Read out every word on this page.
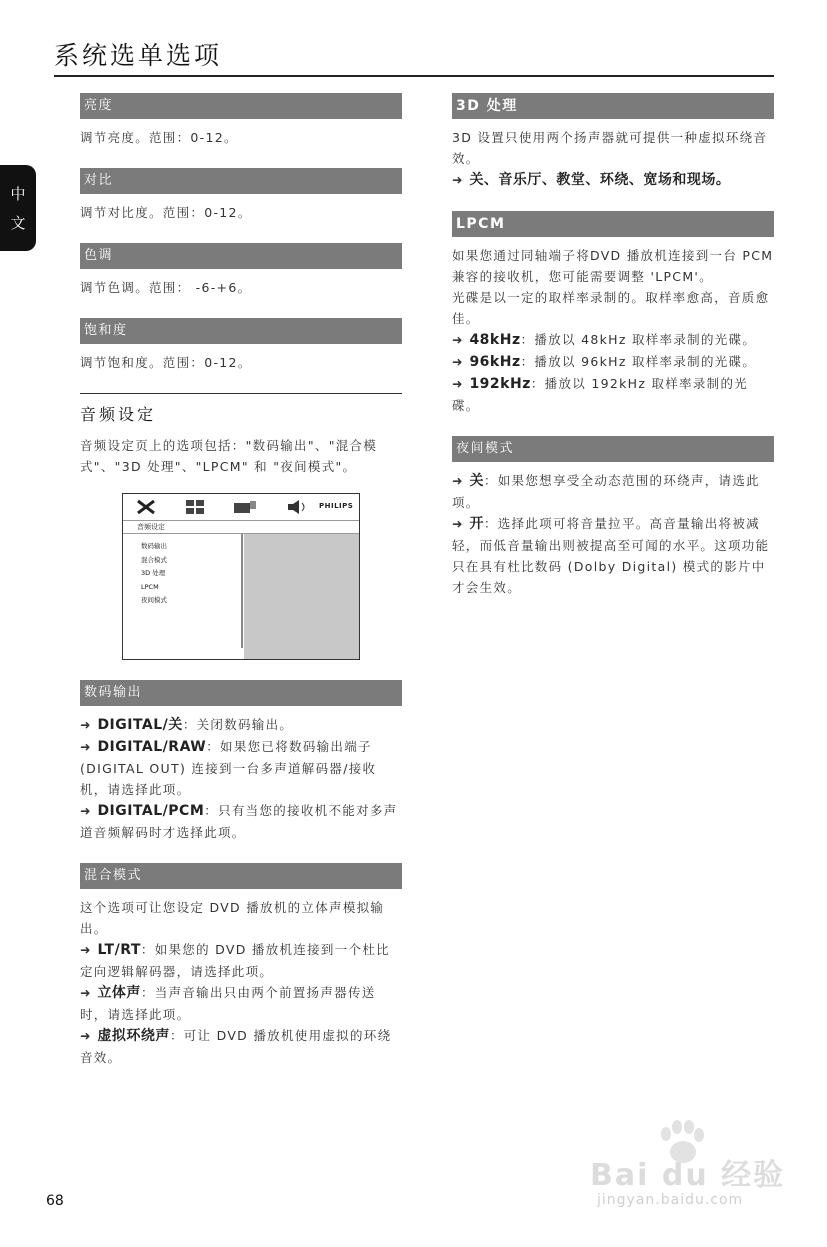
系统选单选项
中
文
亮度

调节亮度。范围：0-12。

对比

调节对比度。范围：0-12。

色调

调节色调。范围： -6-+6。

饱和度

调节饱和度。范围：0-12。

音频设定

音频设定页上的选项包括："数码输出"、"混合模式"、"3D 处理"、"LPCM" 和 "夜间模式"。

PHILIPS
音频设定
数码输出
混合模式
3D 处理
LPCM
夜间模式
数码输出

➜ DIGITAL/关：关闭数码输出。

➜ DIGITAL/RAW：如果您已将数码输出端子 (DIGITAL OUT) 连接到一台多声道解码器/接收机，请选择此项。

➜ DIGITAL/PCM：只有当您的接收机不能对多声道音频解码时才选择此项。

混合模式

这个选项可让您设定 DVD 播放机的立体声模拟输出。

➜ LT/RT：如果您的 DVD 播放机连接到一个杜比定向逻辑解码器，请选择此项。

➜ 立体声：当声音输出只由两个前置扬声器传送时，请选择此项。

➜ 虚拟环绕声：可让 DVD 播放机使用虚拟的环绕音效。

3D 处理

3D 设置只使用两个扬声器就可提供一种虚拟环绕音效。

➜ 关、音乐厅、教堂、环绕、宽场和现场。

LPCM

如果您通过同轴端子将DVD 播放机连接到一台 PCM 兼容的接收机，您可能需要调整 'LPCM'。

光碟是以一定的取样率录制的。取样率愈高，音质愈佳。

➜ 48kHz：播放以 48kHz 取样率录制的光碟。

➜ 96kHz：播放以 96kHz 取样率录制的光碟。

➜ 192kHz：播放以 192kHz 取样率录制的光碟。

夜间模式

➜ 关：如果您想享受全动态范围的环绕声，请选此项。

➜ 开：选择此项可将音量拉平。高音量输出将被减轻，而低音量输出则被提高至可闻的水平。这项功能只在具有杜比数码 (Dolby Digital) 模式的影片中才会生效。

68
Bai du 经验
jingyan.baidu.com
